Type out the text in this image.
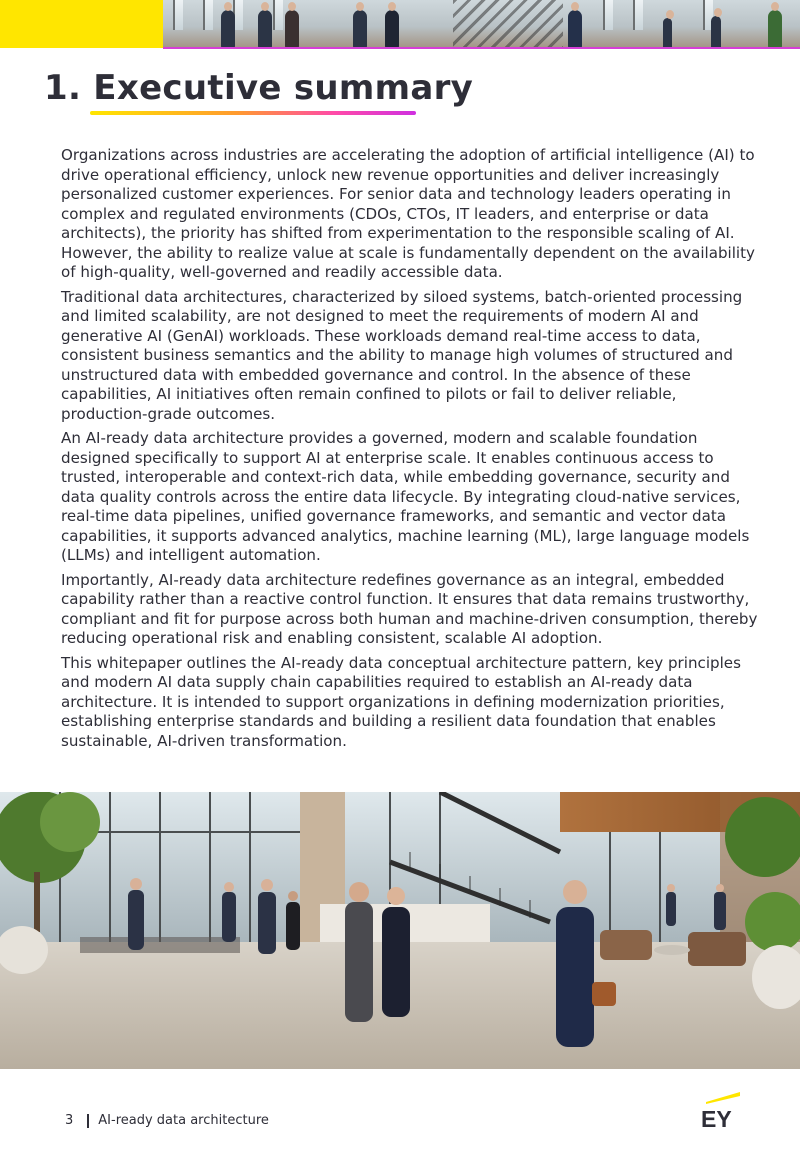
1. Executive summary

Organizations across industries are accelerating the adoption of artificial intelligence (AI) to drive operational efficiency, unlock new revenue opportunities and deliver increasingly personalized customer experiences. For senior data and technology leaders operating in complex and regulated environments (CDOs, CTOs, IT leaders, and enterprise or data architects), the priority has shifted from experimentation to the responsible scaling of AI. However, the ability to realize value at scale is fundamentally dependent on the availability of high-quality, well-governed and readily accessible data.

Traditional data architectures, characterized by siloed systems, batch-oriented processing and limited scalability, are not designed to meet the requirements of modern AI and generative AI (GenAI) workloads. These workloads demand real-time access to data, consistent business semantics and the ability to manage high volumes of structured and unstructured data with embedded governance and control. In the absence of these capabilities, AI initiatives often remain confined to pilots or fail to deliver reliable, production-grade outcomes.

An AI-ready data architecture provides a governed, modern and scalable foundation designed specifically to support AI at enterprise scale. It enables continuous access to trusted, interoperable and context-rich data, while embedding governance, security and data quality controls across the entire data lifecycle. By integrating cloud-native services, real-time data pipelines, unified governance frameworks, and semantic and vector data capabilities, it supports advanced analytics, machine learning (ML), large language models (LLMs) and intelligent automation.

Importantly, AI-ready data architecture redefines governance as an integral, embedded capability rather than a reactive control function. It ensures that data remains trustworthy, compliant and fit for purpose across both human and machine-driven consumption, thereby reducing operational risk and enabling consistent, scalable AI adoption.

This whitepaper outlines the AI-ready data conceptual architecture pattern, key principles and modern AI data supply chain capabilities required to establish an AI-ready data architecture. It is intended to support organizations in defining modernization priorities, establishing enterprise standards and building a resilient data foundation that enables sustainable, AI-driven transformation.

3 AI-ready data architecture	EY
